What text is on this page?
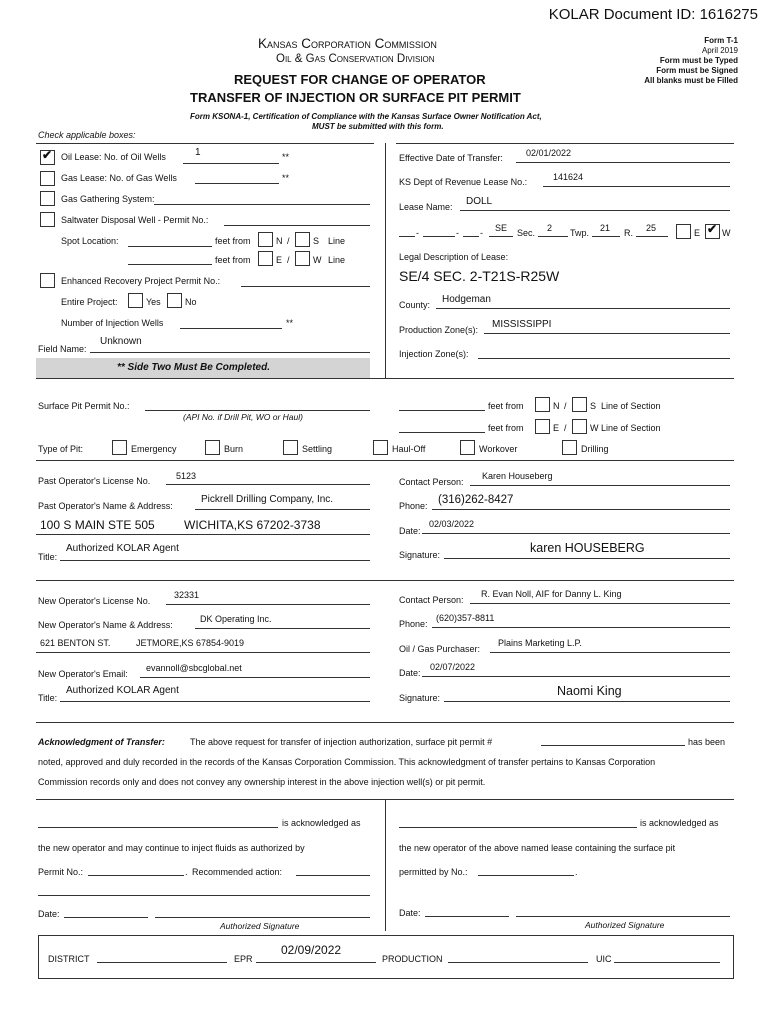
KOLAR Document ID: 1616275
Kansas Corporation Commission
Oil & Gas Conservation Division
REQUEST FOR CHANGE OF OPERATOR
TRANSFER OF INJECTION OR SURFACE PIT PERMIT
Form T-1
April 2019
Form must be Typed
Form must be Signed
All blanks must be Filled
Form KSONA-1, Certification of Compliance with the Kansas Surface Owner Notification Act,
MUST be submitted with this form.
Check applicable boxes:
✔ Oil Lease: No. of Oil Wells	1	**
Gas Lease: No. of Gas Wells	**
Gas Gathering System:
Saltwater Disposal Well - Permit No.:
Spot Location:	feet from	N /	S Line
feet from	E /	W Line
Enhanced Recovery Project Permit No.:
Entire Project:	Yes	No
Number of Injection Wells	**
Field Name:
Unknown
** Side Two Must Be Completed.
Effective Date of Transfer:	02/01/2022
KS Dept of Revenue Lease No.:	141624
Lease Name: DOLL
-	- - SE Sec. 2 Twp. 21 R. 25	E ✔ W
Legal Description of Lease:
SE/4 SEC. 2-T21S-R25W
County: Hodgeman
Production Zone(s): MISSISSIPPI
Injection Zone(s):
Surface Pit Permit No.:
(API No. if Drill Pit, WO or Haul)
feet from	N /	S Line of Section
feet from	E /	W Line of Section
Type of Pit:	Emergency	Burn	Settling	Haul-Off	Workover	Drilling
Past Operator's License No.	5123
Past Operator's Name & Address:
Pickrell Drilling Company, Inc.
100 S MAIN STE 505 WICHITA,KS 67202-3738
Title:
Authorized KOLAR Agent
Contact Person:
Karen Houseberg
Phone: (316)262-8427
Date:
02/03/2022
Signature:	karen HOUSEBERG
New Operator's License No.
32331
New Operator's Name & Address:
DK Operating Inc.
621 BENTON ST.	JETMORE,KS 67854-9019
New Operator's Email:
evannoll@sbcglobal.net
Title:
Authorized KOLAR Agent
Contact Person:
R. Evan Noll, AIF for Danny L. King
Phone:
(620)357-8811
Oil / Gas Purchaser:
Plains Marketing L.P.
Date:
02/07/2022
Signature:	Naomi King
Acknowledgment of Transfer:	The above request for transfer of injection authorization, surface pit permit #	has been
noted, approved and duly recorded in the records of the Kansas Corporation Commission. This acknowledgment of transfer pertains to Kansas Corporation
Commission records only and does not convey any ownership interest in the above injection well(s) or pit permit.
is acknowledged as
the new operator and may continue to inject fluids as authorized by
Permit No.:	. Recommended action:
Date:
Authorized Signature
is acknowledged as
the new operator of the above named lease containing the surface pit
permitted by No.:	.
Date:
Authorized Signature
DISTRICT	EPR
02/09/2022
PRODUCTION	UIC
